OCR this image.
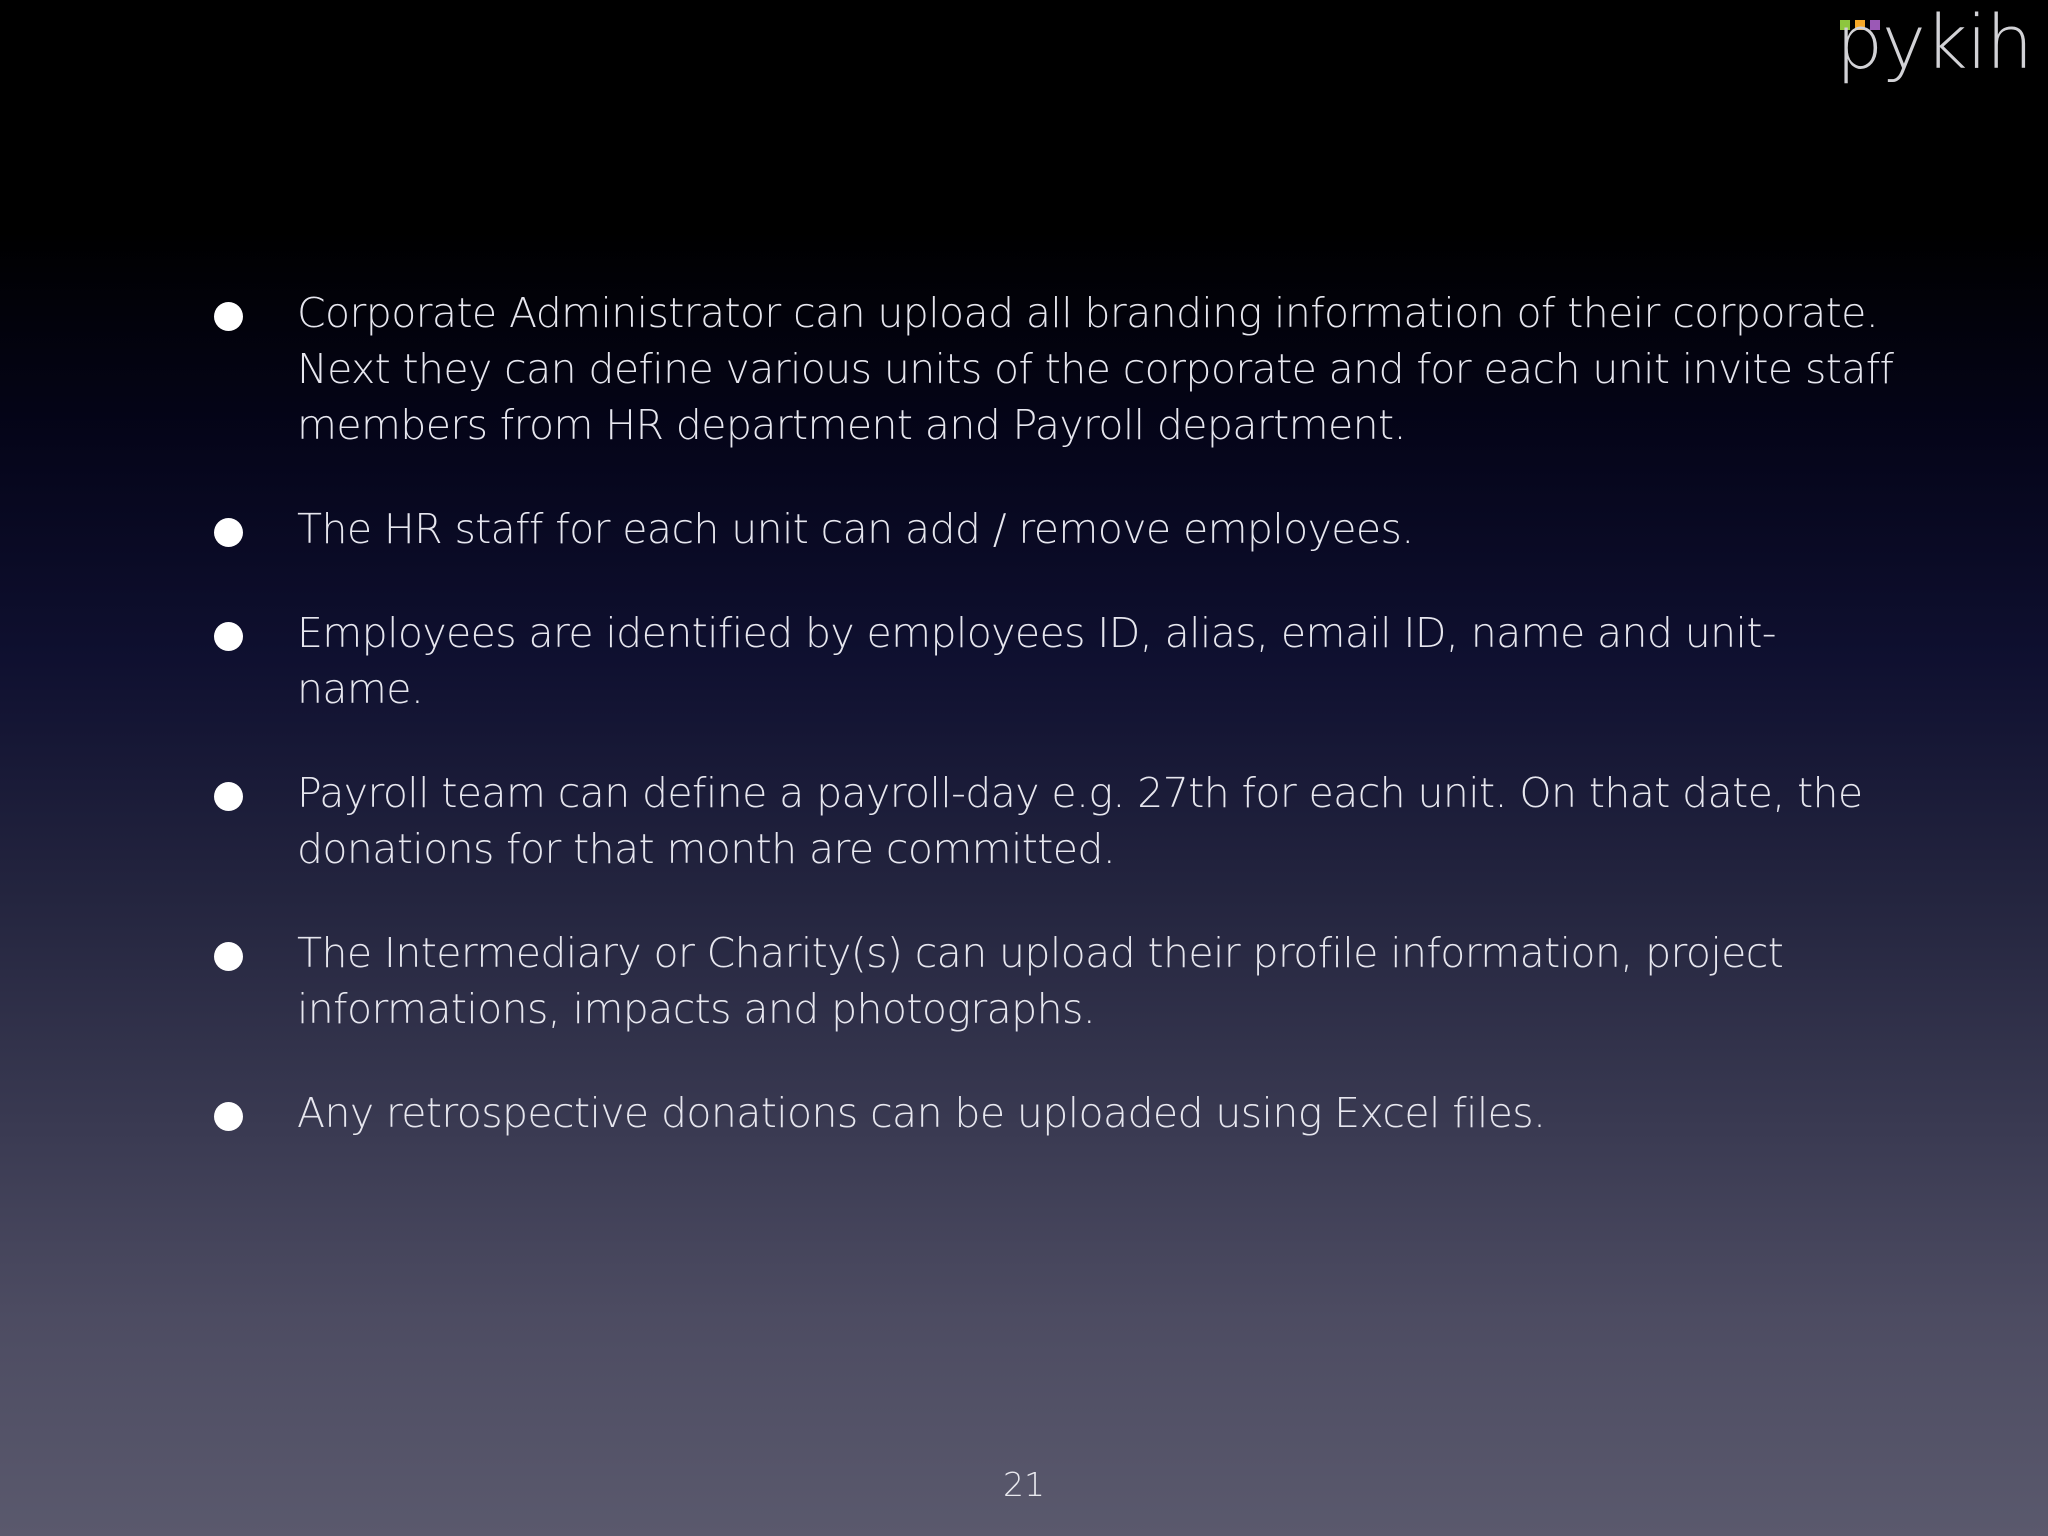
pykih
Corporate Administrator can upload all branding information of their corporate. Next they can define various units of the corporate and for each unit invite staff members from HR department and Payroll department.
The HR staff for each unit can add / remove employees.
Employees are identified by employees ID, alias, email ID, name and unit-name.
Payroll team can define a payroll-day e.g. 27th for each unit. On that date, the donations for that month are committed.
The Intermediary or Charity(s) can upload their profile information, project informations, impacts and photographs.
Any retrospective donations can be uploaded using Excel files.
21
